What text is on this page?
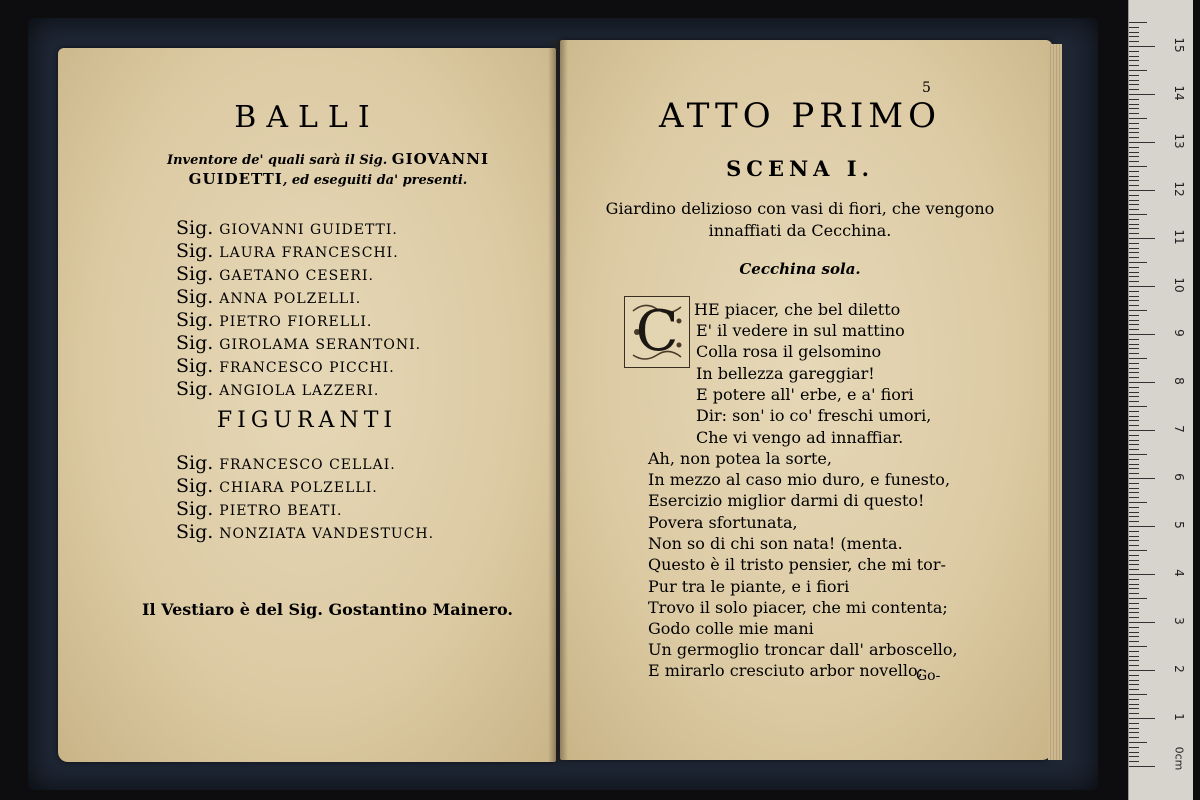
BALLI
Inventore de' quali sarà il Sig. GIOVANNI
GUIDETTI, ed eseguiti da' presenti.
Sig. GIOVANNI GUIDETTI.
Sig. LAURA FRANCESCHI.
Sig. GAETANO CESERI.
Sig. ANNA POLZELLI.
Sig. PIETRO FIORELLI.
Sig. GIROLAMA SERANTONI.
Sig. FRANCESCO PICCHI.
Sig. ANGIOLA LAZZERI.
FIGURANTI
Sig. FRANCESCO CELLAI.
Sig. CHIARA POLZELLI.
Sig. PIETRO BEATI.
Sig. NONZIATA VANDESTUCH.
Il Vestiaro è del Sig. Gostantino Mainero.
5
ATTO PRIMO
SCENA I.
Giardino delizioso con vasi di fiori, che vengono innaffiati da Cecchina.
Cecchina sola.
C HE piacer, che bel diletto
E' il vedere in sul mattino
Colla rosa il gelsomino
In bellezza gareggiar!
E potere all' erbe, e a' fiori
Dir: son' io co' freschi umori,
Che vi vengo ad innaffiar.
Ah, non potea la sorte,
In mezzo al caso mio duro, e funesto,
Esercizio miglior darmi di questo!
Povera sfortunata,
Non so di chi son nata! (menta.
Questo è il tristo pensier, che mi tor-
Pur tra le piante, e i fiori
Trovo il solo piacer, che mi contenta;
Godo colle mie mani
Un germoglio troncar dall' arboscello,
E mirarlo cresciuto arbor novello;
Go-
0cm
1
2
3
4
5
6
7
8
9
10
11
12
13
14
15
